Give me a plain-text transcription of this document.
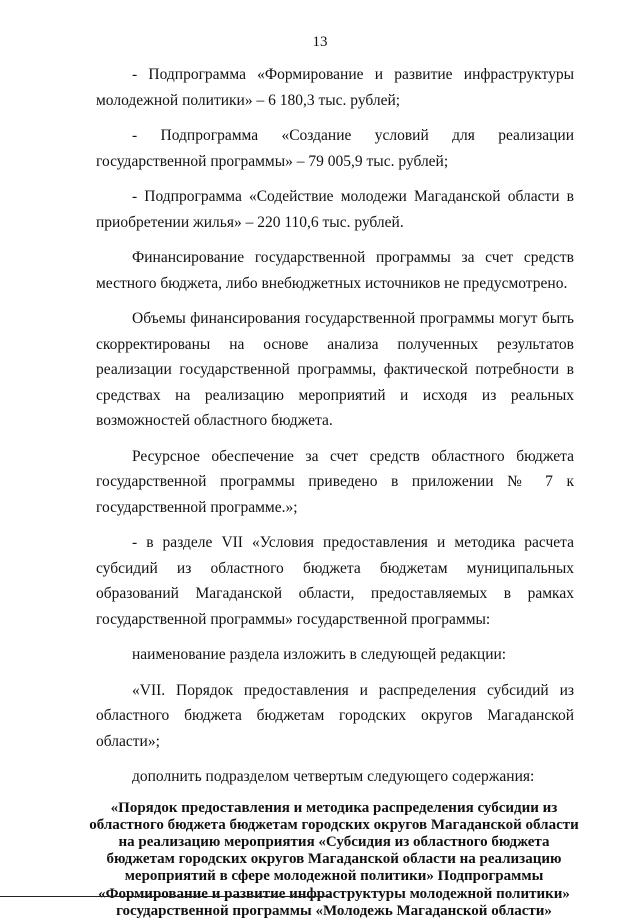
13

- Подпрограмма «Формирование и развитие инфраструктуры молодежной политики» – 6 180,3 тыс. рублей;

- Подпрограмма «Создание условий для реализации государственной программы» – 79 005,9 тыс. рублей;

- Подпрограмма «Содействие молодежи Магаданской области в приобретении жилья» – 220 110,6 тыс. рублей.

Финансирование государственной программы за счет средств местного бюджета, либо внебюджетных источников не предусмотрено.

Объемы финансирования государственной программы могут быть скорректированы на основе анализа полученных результатов реализации государственной программы, фактической потребности в средствах на реализацию мероприятий и исходя из реальных возможностей областного бюджета.

Ресурсное обеспечение за счет средств областного бюджета государственной программы приведено в приложении № 7 к государственной программе.»;

- в разделе VII «Условия предоставления и методика расчета субсидий из областного бюджета бюджетам муниципальных образований Магаданской области, предоставляемых в рамках государственной программы» государственной программы:

наименование раздела изложить в следующей редакции:

«VII. Порядок предоставления и распределения субсидий из областного бюджета бюджетам городских округов Магаданской области»;

дополнить подразделом четвертым следующего содержания:

«Порядок предоставления и методика распределения субсидии из областного бюджета бюджетам городских округов Магаданской области на реализацию мероприятия «Субсидия из областного бюджета бюджетам городских округов Магаданской области на реализацию мероприятий в сфере молодежной политики» Подпрограммы «Формирование и развитие инфраструктуры молодежной политики» государственной программы «Молодежь Магаданской области»
